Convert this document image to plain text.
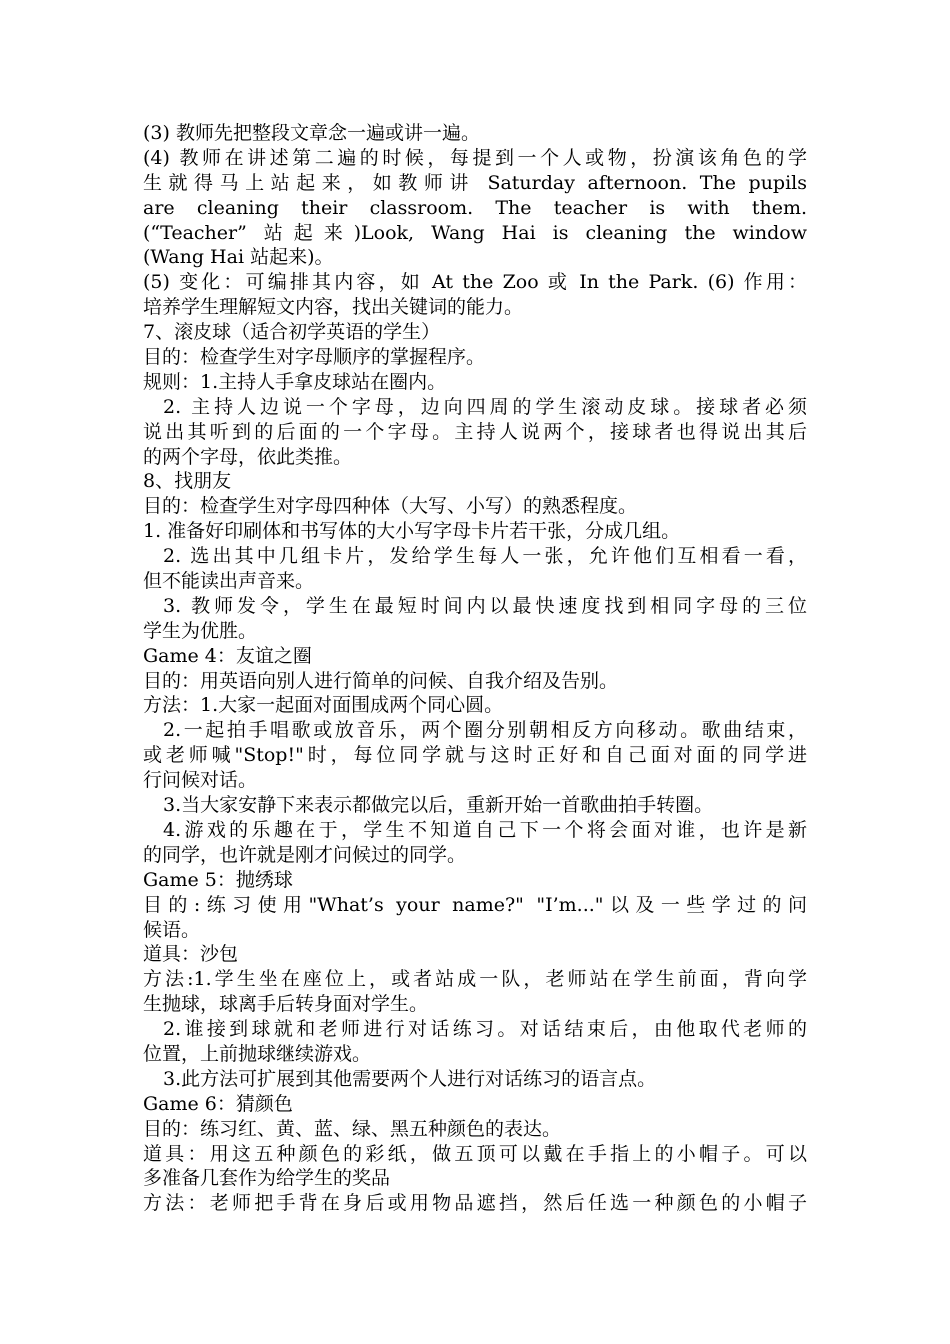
(3) 教师先把整段文章念一遍或讲一遍。

(4) 教师在讲述第二遍的时候，每提到一个人或物，扮演该角色的学

生就得马上站起来，如教师讲 Saturday afternoon. The pupils

are cleaning their classroom. The teacher is with them.

(“Teacher” 站起来)Look, Wang Hai is cleaning the window

(Wang Hai 站起来)。

(5) 变化：可编排其内容，如 At the Zoo 或 In the Park. (6) 作用：

培养学生理解短文内容，找出关键词的能力。

7、滚皮球（适合初学英语的学生）

目的：检查学生对字母顺序的掌握程序。

规则：1.主持人手拿皮球站在圈内。

2. 主持人边说一个字母，边向四周的学生滚动皮球。接球者必须

说出其听到的后面的一个字母。主持人说两个，接球者也得说出其后

的两个字母，依此类推。

8、找朋友

目的：检查学生对字母四种体（大写、小写）的熟悉程度。

1. 准备好印刷体和书写体的大小写字母卡片若干张，分成几组。

2. 选出其中几组卡片，发给学生每人一张，允许他们互相看一看，

但不能读出声音来。

3. 教师发令，学生在最短时间内以最快速度找到相同字母的三位

学生为优胜。

Game 4：友谊之圈

目的：用英语向别人进行简单的问候、自我介绍及告别。

方法：1.大家一起面对面围成两个同心圆。

2.一起拍手唱歌或放音乐，两个圈分别朝相反方向移动。歌曲结束，

或老师喊"Stop!"时，每位同学就与这时正好和自己面对面的同学进

行问候对话。

3.当大家安静下来表示都做完以后，重新开始一首歌曲拍手转圈。

4.游戏的乐趣在于，学生不知道自己下一个将会面对谁，也许是新

的同学，也许就是刚才问候过的同学。

Game 5：抛绣球

目的:练习使用"What’s your name?" "I’m..."以及一些学过的问

候语。

道具：沙包

方法:1.学生坐在座位上，或者站成一队，老师站在学生前面，背向学

生抛球，球离手后转身面对学生。

2.谁接到球就和老师进行对话练习。对话结束后，由他取代老师的

位置，上前抛球继续游戏。

3.此方法可扩展到其他需要两个人进行对话练习的语言点。

Game 6：猜颜色

目的：练习红、黄、蓝、绿、黑五种颜色的表达。

道具：用这五种颜色的彩纸，做五顶可以戴在手指上的小帽子。可以

多准备几套作为给学生的奖品

方法：老师把手背在身后或用物品遮挡，然后任选一种颜色的小帽子
